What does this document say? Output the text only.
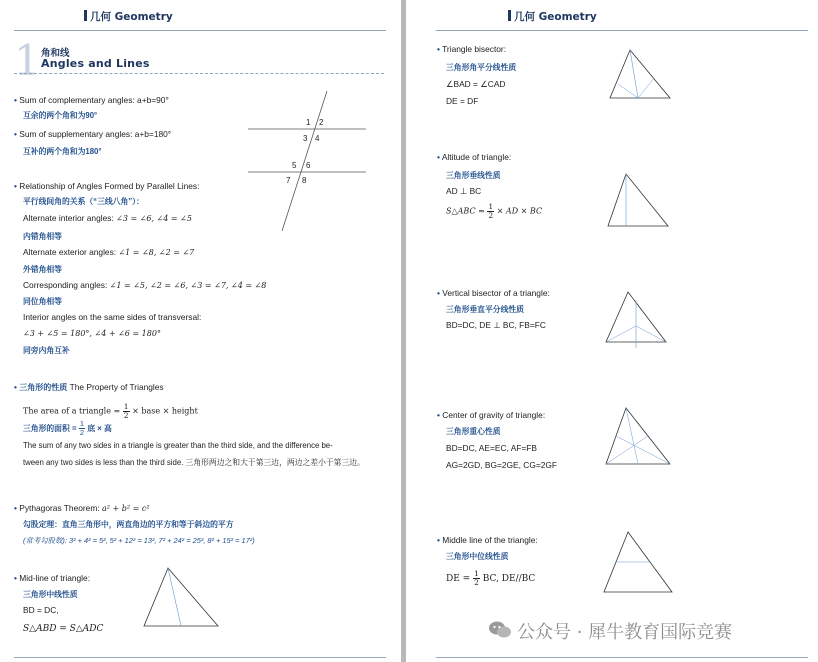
几何 Geometry
1 角和线
Angles and Lines
• Sum of complementary angles: a+b=90°
互余的两个角和为90°
• Sum of supplementary angles: a+b=180°
互补的两个角和为180°
1 2
3 4
5 6
7 8
• Relationship of Angles Formed by Parallel Lines:
平行线间角的关系（“三线八角”）：
Alternate interior angles: ∠3 = ∠6, ∠4 = ∠5
内错角相等
Alternate exterior angles: ∠1 = ∠8, ∠2 = ∠7
外错角相等
Corresponding angles: ∠1 = ∠5, ∠2 = ∠6, ∠3 = ∠7, ∠4 = ∠8
同位角相等
Interior angles on the same sides of transversal:
∠3 + ∠5 = 180°, ∠4 + ∠6 = 180°
同旁内角互补
• 三角形的性质 The Property of Triangles
The area of a triangle = $\frac{1}{2}$ × base × height
三角形的面积 = $\frac{1}{2}$ 底 × 高
The sum of any two sides in a triangle is greater than the third side, and the difference be-
tween any two sides is less than the third side. 三角形两边之和大于第三边，两边之差小于第三边。
• Pythagoras Theorem: a² + b² = c²
勾股定理：直角三角形中，两直角边的平方和等于斜边的平方
(常考勾股数): 3² + 4² = 5², 5² + 12² = 13², 7² + 24² = 25², 8² + 15² = 17²)
• Mid-line of triangle:
三角形中线性质
BD = DC,
S△ABD = S△ADC
几何 Geometry
• Triangle bisector:
三角形角平分线性质
∠BAD = ∠CAD
DE = DF
• Altitude of triangle:
三角形垂线性质
AD ⊥ BC
S△ABC = $\frac{1}{2}$ × AD × BC
• Vertical bisector of a triangle:
三角形垂直平分线性质
BD=DC, DE ⊥ BC, FB=FC
• Center of gravity of triangle:
三角形重心性质
BD=DC, AE=EC, AF=FB
AG=2GD, BG=2GE, CG=2GF
• Middle line of the triangle:
三角形中位线性质
DE = $\frac{1}{2}$ BC, DE//BC
公众号 · 犀牛教育国际竞赛
